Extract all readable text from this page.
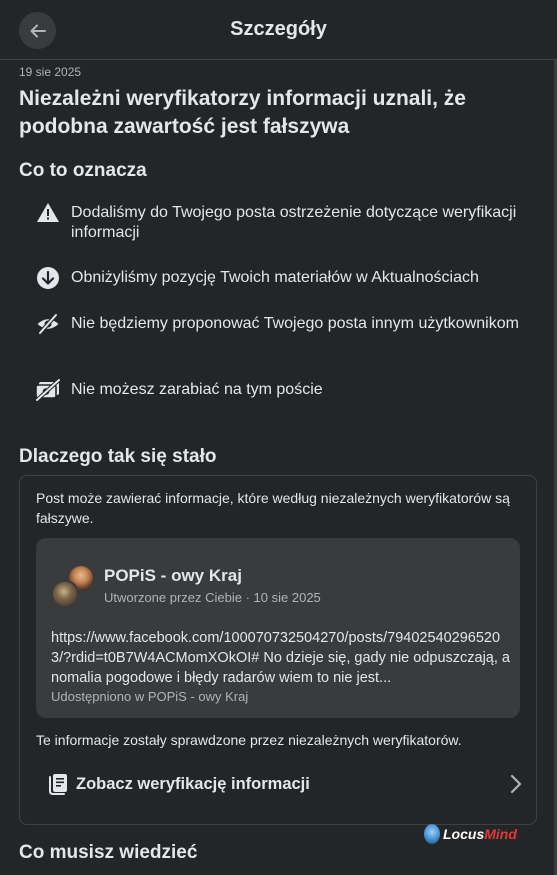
Szczegóły
19 sie 2025
Niezależni weryfikatorzy informacji uznali, że podobna zawartość jest fałszywa
Co to oznacza
Dodaliśmy do Twojego posta ostrzeżenie dotyczące weryfikacji informacji
Obniżyliśmy pozycję Twoich materiałów w Aktualnościach
Nie będziemy proponować Twojego posta innym użytkownikom
Nie możesz zarabiać na tym poście
Dlaczego tak się stało
Post może zawierać informacje, które według niezależnych weryfikatorów są fałszywe.
POPiS - owy Kraj
Utworzone przez Ciebie · 10 sie 2025
https://www.facebook.com/100070732504270/posts/794025402965203/?rdid=t0B7W4ACMomXOkOI# No dzieje się, gady nie odpuszczają, anomalia pogodowe i błędy radarów wiem to nie jest...
Udostępniono w POPiS - owy Kraj
Te informacje zostały sprawdzone przez niezależnych weryfikatorów.
Zobacz weryfikację informacji
Co musisz wiedzieć
LocusMind
